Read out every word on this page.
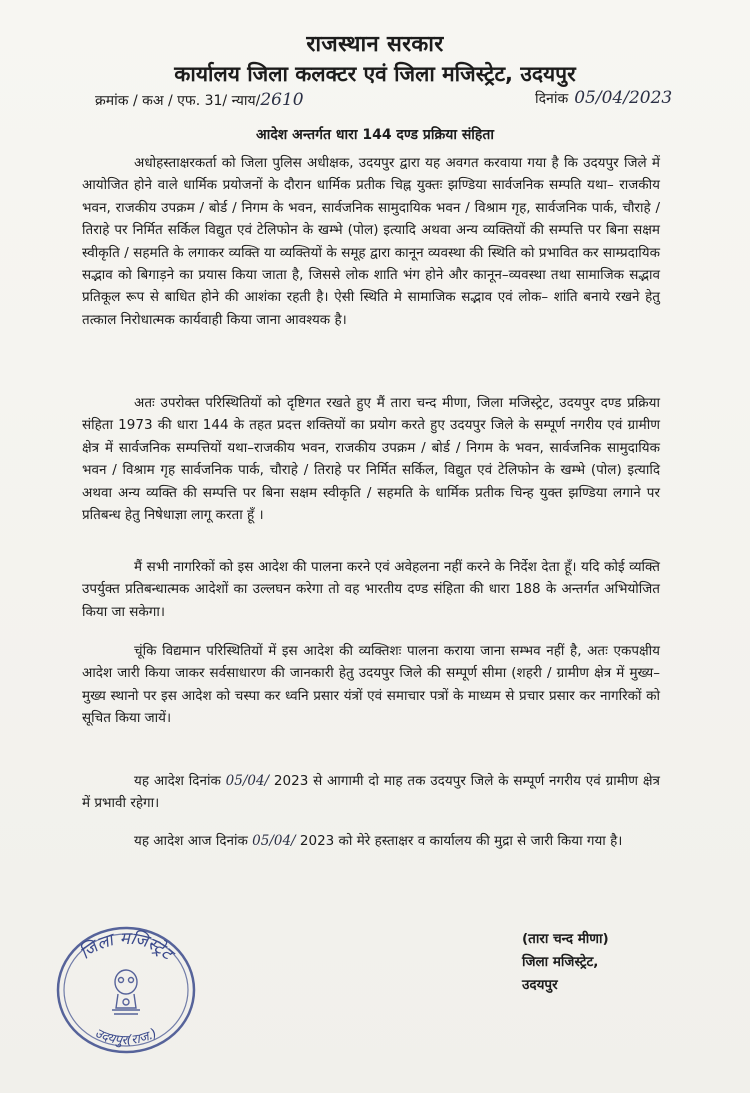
राजस्थान सरकार
कार्यालय जिला कलक्टर एवं जिला मजिस्ट्रेट, उदयपुर
क्रमांक / कअ / एफ. 31/ न्याय/2610	दिनांक 05/04/2023
आदेश अन्तर्गत धारा 144 दण्ड प्रक्रिया संहिता

अधोहस्ताक्षरकर्ता को जिला पुलिस अधीक्षक, उदयपुर द्वारा यह अवगत करवाया गया है कि उदयपुर जिले में आयोजित होने वाले धार्मिक प्रयोजनों के दौरान धार्मिक प्रतीक चिह्न युक्तः झण्डिया सार्वजनिक सम्पति यथा– राजकीय भवन, राजकीय उपक्रम / बोर्ड / निगम के भवन, सार्वजनिक सामुदायिक भवन / विश्राम गृह, सार्वजनिक पार्क, चौराहे / तिराहे पर निर्मित सर्किल विद्युत एवं टेलिफोन के खम्भे (पोल) इत्यादि अथवा अन्य व्यक्तियों की सम्पत्ति पर बिना सक्षम स्वीकृति / सहमति के लगाकर व्यक्ति या व्यक्तियों के समूह द्वारा कानून व्यवस्था की स्थिति को प्रभावित कर साम्प्रदायिक सद्भाव को बिगाड़ने का प्रयास किया जाता है, जिससे लोक शाति भंग होने और कानून–व्यवस्था तथा सामाजिक सद्भाव प्रतिकूल रूप से बाधित होने की आशंका रहती है। ऐसी स्थिति मे सामाजिक सद्भाव एवं लोक– शांति बनाये रखने हेतु तत्काल निरोधात्मक कार्यवाही किया जाना आवश्यक है।

अतः उपरोक्त परिस्थितियों को दृष्टिगत रखते हुए मैं तारा चन्द मीणा, जिला मजिस्ट्रेट, उदयपुर दण्ड प्रक्रिया संहिता 1973 की धारा 144 के तहत प्रदत्त शक्तियों का प्रयोग करते हुए उदयपुर जिले के सम्पूर्ण नगरीय एवं ग्रामीण क्षेत्र में सार्वजनिक सम्पत्तियों यथा–राजकीय भवन, राजकीय उपक्रम / बोर्ड / निगम के भवन, सार्वजनिक सामुदायिक भवन / विश्राम गृह सार्वजनिक पार्क, चौराहे / तिराहे पर निर्मित सर्किल, विद्युत एवं टेलिफोन के खम्भे (पोल) इत्यादि अथवा अन्य व्यक्ति की सम्पत्ति पर बिना सक्षम स्वीकृति / सहमति के धार्मिक प्रतीक चिन्ह युक्त झण्डिया लगाने पर प्रतिबन्ध हेतु निषेधाज्ञा लागू करता हूँ ।

मैं सभी नागरिकों को इस आदेश की पालना करने एवं अवेहलना नहीं करने के निर्देश देता हूँ। यदि कोई व्यक्ति उपर्युक्त प्रतिबन्धात्मक आदेशों का उल्लघन करेगा तो वह भारतीय दण्ड संहिता की धारा 188 के अन्तर्गत अभियोजित किया जा सकेगा।

चूंकि विद्यमान परिस्थितियों में इस आदेश की व्यक्तिशः पालना कराया जाना सम्भव नहीं है, अतः एकपक्षीय आदेश जारी किया जाकर सर्वसाधारण की जानकारी हेतु उदयपुर जिले की सम्पूर्ण सीमा (शहरी / ग्रामीण क्षेत्र में मुख्य–मुख्य स्थानो पर इस आदेश को चस्पा कर ध्वनि प्रसार यंत्रों एवं समाचार पत्रों के माध्यम से प्रचार प्रसार कर नागरिकों को सूचित किया जायें।

यह आदेश दिनांक 05/04/ 2023 से आगामी दो माह तक उदयपुर जिले के सम्पूर्ण नगरीय एवं ग्रामीण क्षेत्र में प्रभावी रहेगा।

यह आदेश आज दिनांक 05/04/ 2023 को मेरे हस्ताक्षर व कार्यालय की मुद्रा से जारी किया गया है।

(तारा चन्द मीणा)
जिला मजिस्ट्रेट,
उदयपुर
जिला मजिस्ट्रेट
उदयपुर(राज.)
